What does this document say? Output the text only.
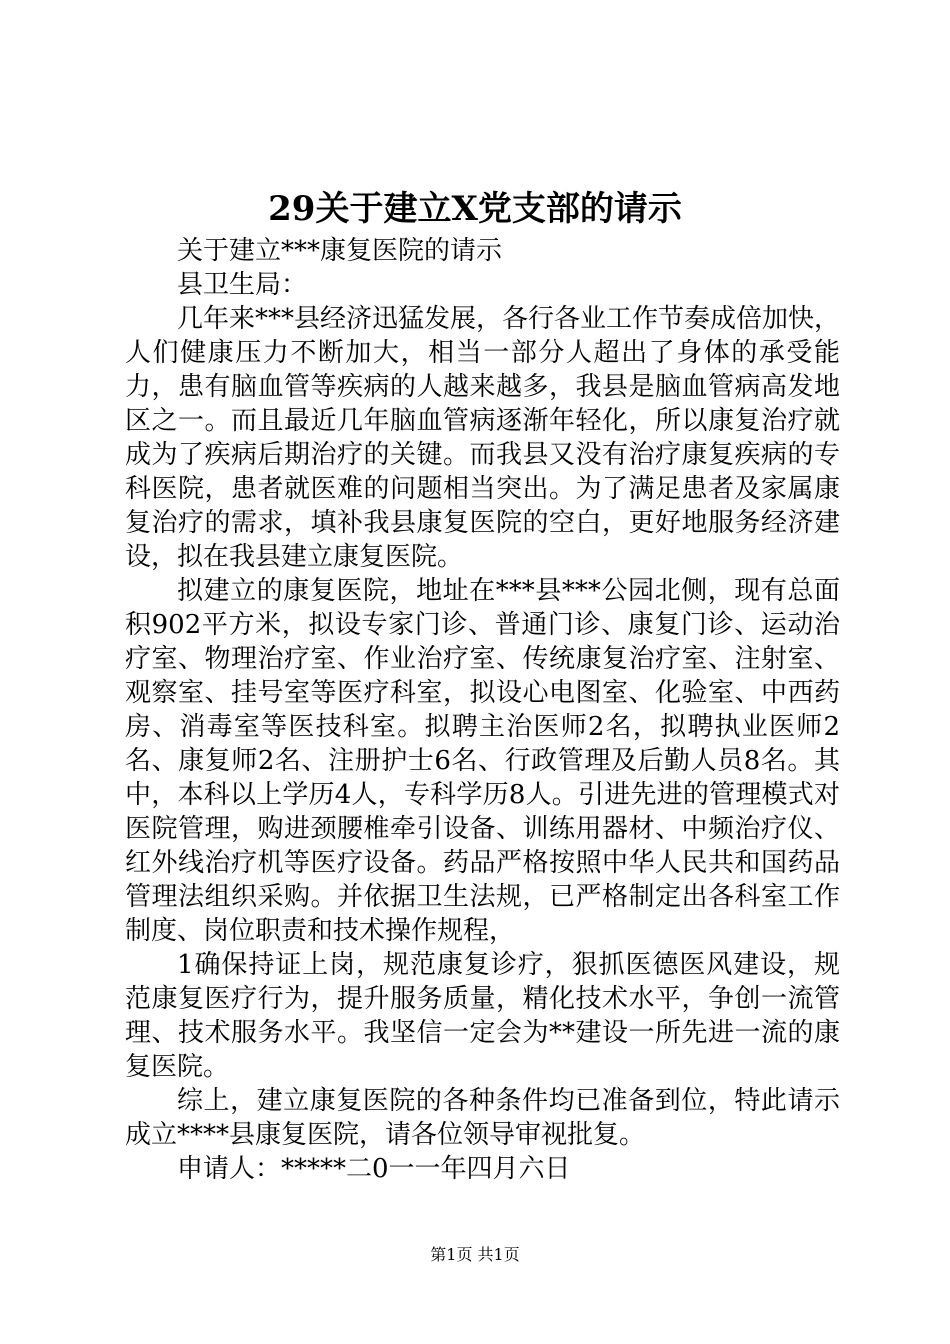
29关于建立X党支部的请示

关于建立***康复医院的请示

县卫生局：

几年来***县经济迅猛发展，各行各业工作节奏成倍加快，人们健康压力不断加大，相当一部分人超出了身体的承受能力，患有脑血管等疾病的人越来越多，我县是脑血管病高发地区之一。而且最近几年脑血管病逐渐年轻化，所以康复治疗就成为了疾病后期治疗的关键。而我县又没有治疗康复疾病的专科医院，患者就医难的问题相当突出。为了满足患者及家属康复治疗的需求，填补我县康复医院的空白，更好地服务经济建设，拟在我县建立康复医院。

拟建立的康复医院，地址在***县***公园北侧，现有总面积902平方米，拟设专家门诊、普通门诊、康复门诊、运动治疗室、物理治疗室、作业治疗室、传统康复治疗室、注射室、观察室、挂号室等医疗科室，拟设心电图室、化验室、中西药房、消毒室等医技科室。拟聘主治医师2名，拟聘执业医师2名、康复师2名、注册护士6名、行政管理及后勤人员8名。其中，本科以上学历4人，专科学历8人。引进先进的管理模式对医院管理，购进颈腰椎牵引设备、训练用器材、中频治疗仪、红外线治疗机等医疗设备。药品严格按照中华人民共和国药品管理法组织采购。并依据卫生法规，已严格制定出各科室工作制度、岗位职责和技术操作规程，

1确保持证上岗，规范康复诊疗，狠抓医德医风建设，规范康复医疗行为，提升服务质量，精化技术水平，争创一流管理、技术服务水平。我坚信一定会为**建设一所先进一流的康复医院。

综上，建立康复医院的各种条件均已准备到位，特此请示成立****县康复医院，请各位领导审视批复。

申请人：*****二0一一年四月六日

第1页 共1页
